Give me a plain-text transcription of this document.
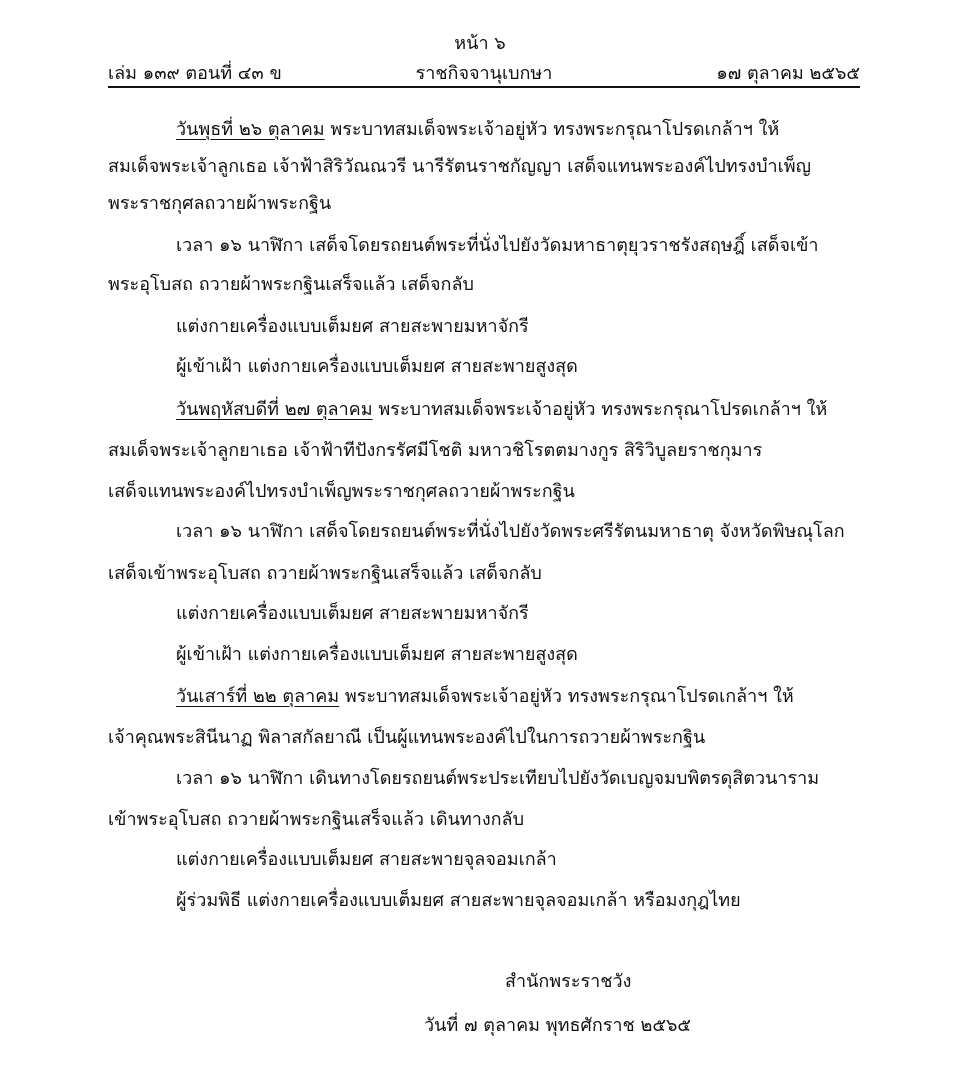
หน้า ๖
เล่ม ๑๓๙ ตอนที่ ๔๓ ข	ราชกิจจานุเบกษา	๑๗ ตุลาคม ๒๕๖๕
วันพุธที่ ๒๖ ตุลาคม พระบาทสมเด็จพระเจ้าอยู่หัว ทรงพระกรุณาโปรดเกล้าฯ ให้
สมเด็จพระเจ้าลูกเธอ เจ้าฟ้าสิริวัณณวรี นารีรัตนราชกัญญา เสด็จแทนพระองค์ไปทรงบำเพ็ญ
พระราชกุศลถวายผ้าพระกฐิน
เวลา ๑๖ นาฬิกา เสด็จโดยรถยนต์พระที่นั่งไปยังวัดมหาธาตุยุวราชรังสฤษฎิ์ เสด็จเข้า
พระอุโบสถ ถวายผ้าพระกฐินเสร็จแล้ว เสด็จกลับ
แต่งกายเครื่องแบบเต็มยศ สายสะพายมหาจักรี
ผู้เข้าเฝ้า แต่งกายเครื่องแบบเต็มยศ สายสะพายสูงสุด
วันพฤหัสบดีที่ ๒๗ ตุลาคม พระบาทสมเด็จพระเจ้าอยู่หัว ทรงพระกรุณาโปรดเกล้าฯ ให้
สมเด็จพระเจ้าลูกยาเธอ เจ้าฟ้าทีปังกรรัศมีโชติ มหาวชิโรตตมางกูร สิริวิบูลยราชกุมาร
เสด็จแทนพระองค์ไปทรงบำเพ็ญพระราชกุศลถวายผ้าพระกฐิน
เวลา ๑๖ นาฬิกา เสด็จโดยรถยนต์พระที่นั่งไปยังวัดพระศรีรัตนมหาธาตุ จังหวัดพิษณุโลก
เสด็จเข้าพระอุโบสถ ถวายผ้าพระกฐินเสร็จแล้ว เสด็จกลับ
แต่งกายเครื่องแบบเต็มยศ สายสะพายมหาจักรี
ผู้เข้าเฝ้า แต่งกายเครื่องแบบเต็มยศ สายสะพายสูงสุด
วันเสาร์ที่ ๒๒ ตุลาคม พระบาทสมเด็จพระเจ้าอยู่หัว ทรงพระกรุณาโปรดเกล้าฯ ให้
เจ้าคุณพระสินีนาฏ พิลาสกัลยาณี เป็นผู้แทนพระองค์ไปในการถวายผ้าพระกฐิน
เวลา ๑๖ นาฬิกา เดินทางโดยรถยนต์พระประเทียบไปยังวัดเบญจมบพิตรดุสิตวนาราม
เข้าพระอุโบสถ ถวายผ้าพระกฐินเสร็จแล้ว เดินทางกลับ
แต่งกายเครื่องแบบเต็มยศ สายสะพายจุลจอมเกล้า
ผู้ร่วมพิธี แต่งกายเครื่องแบบเต็มยศ สายสะพายจุลจอมเกล้า หรือมงกุฎไทย
สำนักพระราชวัง
วันที่ ๗ ตุลาคม พุทธศักราช ๒๕๖๕
